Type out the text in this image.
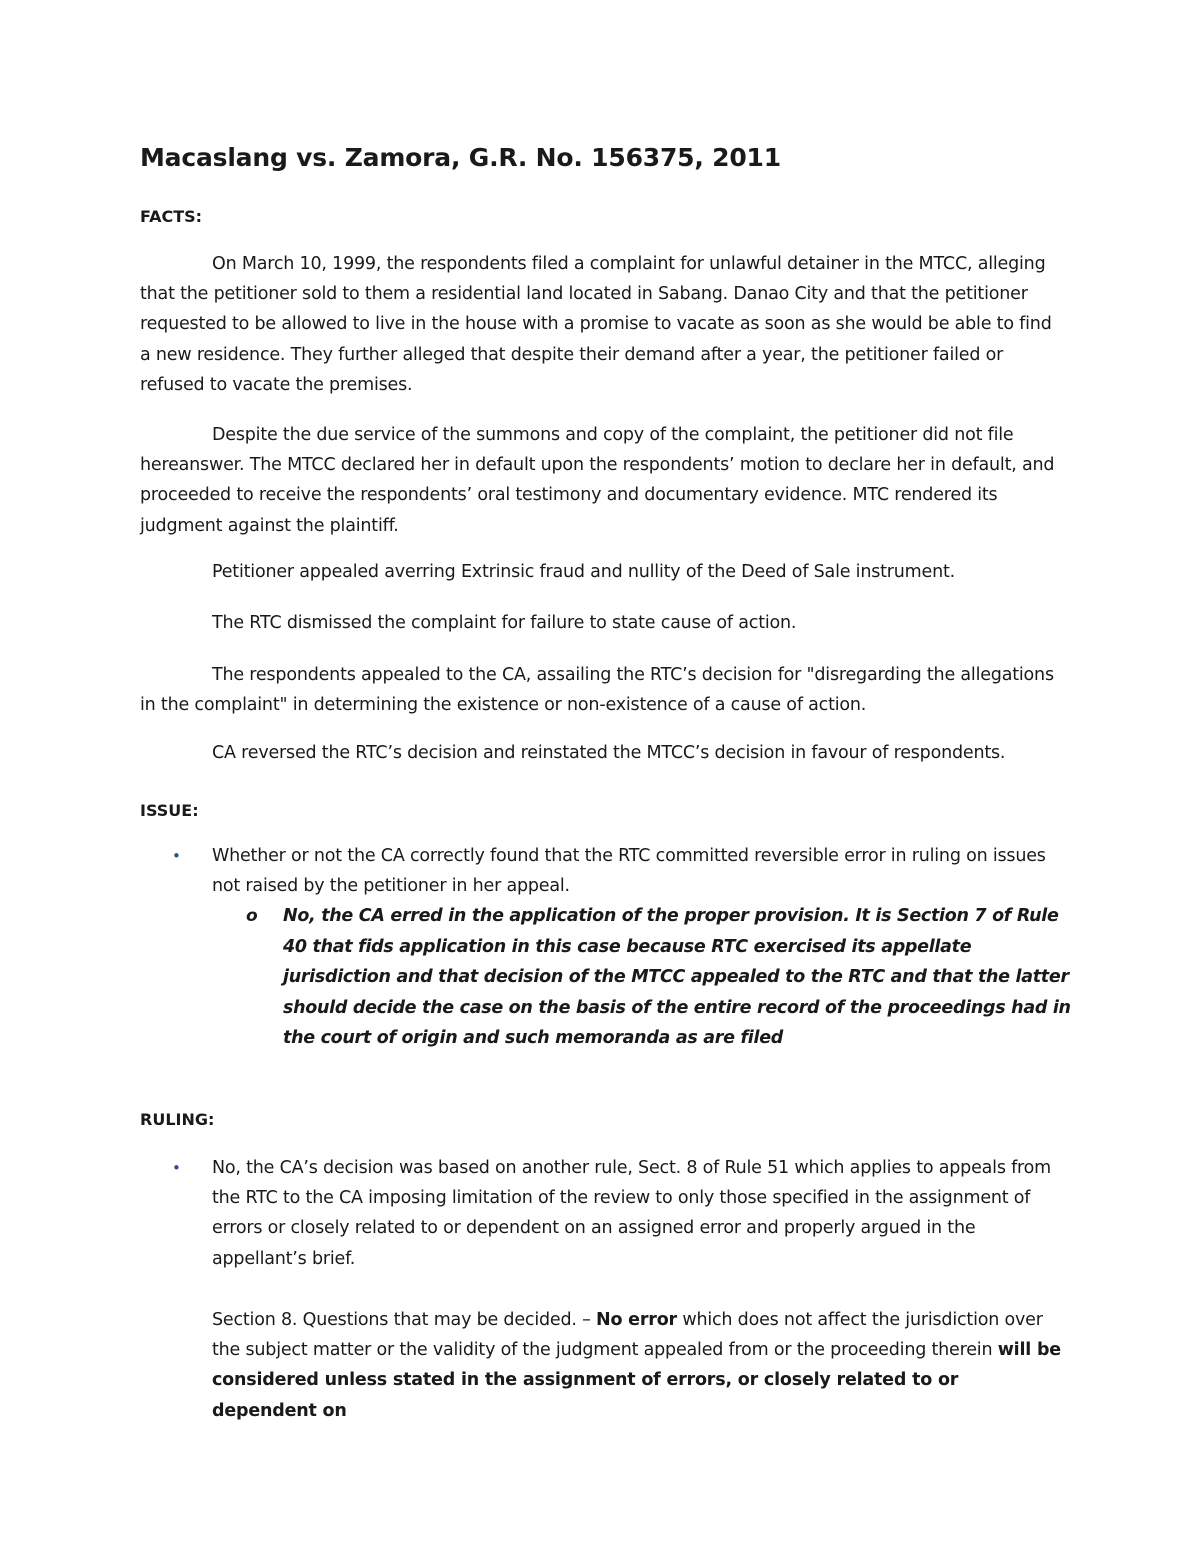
Macaslang vs. Zamora, G.R. No. 156375, 2011
FACTS:
On March 10, 1999, the respondents filed a complaint for unlawful detainer in the MTCC, alleging that the petitioner sold to them a residential land located in Sabang. Danao City and that the petitioner requested to be allowed to live in the house with a promise to vacate as soon as she would be able to find a new residence. They further alleged that despite their demand after a year, the petitioner failed or refused to vacate the premises.
Despite the due service of the summons and copy of the complaint, the petitioner did not file hereanswer. The MTCC declared her in default upon the respondents’ motion to declare her in default, and proceeded to receive the respondents’ oral testimony and documentary evidence. MTC rendered its judgment against the plaintiff.
Petitioner appealed averring Extrinsic fraud and nullity of the Deed of Sale instrument.
The RTC dismissed the complaint for failure to state cause of action.
The respondents appealed to the CA, assailing the RTC’s decision for "disregarding the allegations in the complaint" in determining the existence or non-existence of a cause of action.
CA reversed the RTC’s decision and reinstated the MTCC’s decision in favour of respondents.
ISSUE:
• Whether or not the CA correctly found that the RTC committed reversible error in ruling on issues not raised by the petitioner in her appeal.
o No, the CA erred in the application of the proper provision. It is Section 7 of Rule 40 that fids application in this case because RTC exercised its appellate jurisdiction and that decision of the MTCC appealed to the RTC and that the latter should decide the case on the basis of the entire record of the proceedings had in the court of origin and such memoranda as are filed
RULING:
• No, the CA’s decision was based on another rule, Sect. 8 of Rule 51 which applies to appeals from the RTC to the CA imposing limitation of the review to only those specified in the assignment of errors or closely related to or dependent on an assigned error and properly argued in the appellant’s brief.
Section 8. Questions that may be decided. – No error which does not affect the jurisdiction over the subject matter or the validity of the judgment appealed from or the proceeding therein will be considered unless stated in the assignment of errors, or closely related to or dependent on
